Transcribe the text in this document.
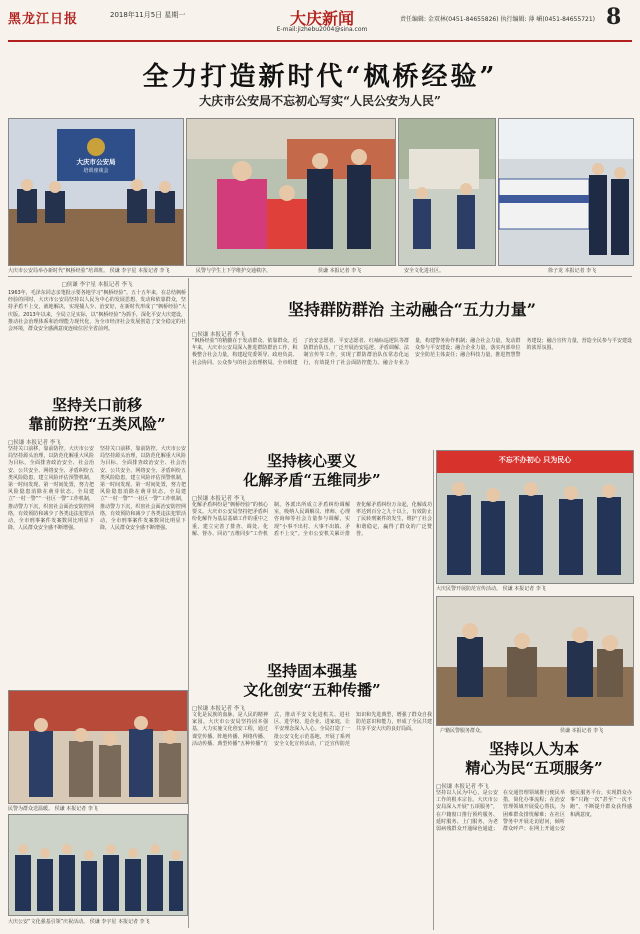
黑龙江日报	2018年11月5日 星期一	大庆新闻
E-mail:jizhebu2004@sina.com
责任编辑: 金双林(0451-84655826) 执行编辑: 薄 嵋(0451-84655721) 8
全力打造新时代“枫桥经验”
大庆市公安局不忘初心写实“人民公安为人民”
大庆市公安局
培训座谈会
大庆市公安局举办新时代“枫桥经验”培训班。 侯谦 李宇星 本报记者 李飞	民警与学生上下学维护交通秩序。	侯谦 本报记者 李飞	安全文化进社区。	徐子龙 本报记者 李飞
□侯谦 李宇星 本报记者 李飞
1963年，毛泽东同志亲笔批示要各地学习“枫桥经验”。五十五年来，在总结枫桥经验的同时，大庆市公安局坚持以人民为中心的发展思想，发动和依靠群众，坚持矛盾不上交，就地解决，实现捕人少、治安好，在新时代形成了“枫桥经验”大庆版。2013年以来，全局立足实际，以“枫桥经验”为抓手，深化平安大庆建设，推动社会治理体系和治理能力现代化，为全市经济社会发展创造了安全稳定的社会环境，群众安全感满意度连续位居全省前列。
坚持群防群治 主动融合“五力力量”
□侯谦 本报记者 李飞
“枫桥经验”的精髓在于发动群众、依靠群众。近年来，大庆市公安局深入推进群防群治工作，积极整合社会力量，构建起党委领导、政府负责、社会协同、公众参与的社会治理格局。全市组建了治安志愿者、平安志愿者、红袖标巡逻队等群防群治队伍，广泛开展治安巡逻、矛盾调解、法制宣传等工作，实现了群防群治队伍常态化运行，有效提升了社会面防控能力。融合专业力量，构建警务协作机制；融合社会力量，发动群众参与平安建设；融合企业力量，落实内部单位安全防范主体责任；融合科技力量，推进智慧警务建设；融合宣传力量，营造全民参与平安建设的浓厚氛围。
坚持关口前移
靠前防控“五类风险”
□侯谦 本报记者 李飞
坚持关口前移，靠前防控。大庆市公安局坚持源头治理，以防范化解重大风险为目标，全面排查政治安全、社会治安、公共安全、网络安全、矛盾纠纷五类风险隐患，建立风险评估预警机制，第一时间发现、第一时间处置，努力把风险隐患消除在萌芽状态。全局建立“一村一警”“一社区一警”工作机制，推动警力下沉，织密社会面治安防控网络，有效预防和减少了各类违法犯罪活动，全市刑事案件发案数同比明显下降，人民群众安全感不断增强。
坚持关口前移，靠前防控。大庆市公安局坚持源头治理，以防范化解重大风险为目标，全面排查政治安全、社会治安、公共安全、网络安全、矛盾纠纷五类风险隐患，建立风险评估预警机制，第一时间发现、第一时间处置，努力把风险隐患消除在萌芽状态。全局建立“一村一警”“一社区一警”工作机制，推动警力下沉，织密社会面治安防控网络，有效预防和减少了各类违法犯罪活动，全市刑事案件发案数同比明显下降，人民群众安全感不断增强。
坚持核心要义
化解矛盾“五维同步”
□侯谦 本报记者 李飞
化解矛盾纠纷是“枫桥经验”的核心要义。大庆市公安局坚持把矛盾纠纷化解作为基层基础工作的重中之重，建立完善了排查、调处、化解、督办、回访“五维同步”工作机制。各派出所成立矛盾纠纷调解室，吸纳人民调解员、律师、心理咨询师等社会力量参与调解，实现“小事不出村、大事不出镇、矛盾不上交”。全市公安机关累计排查化解矛盾纠纷万余起，化解成功率达到百分之九十以上，有效防止了民转刑案件的发生，维护了社会和谐稳定，赢得了群众的广泛赞誉。
不忘不办初心 只为民心
大庆民警开展防范宣传活动。 侯谦 本报记者 李飞
户籍民警服务群众。	侯谦 本报记者 李飞
民警为群众送温暖。 侯谦 本报记者 李飞
坚持固本强基
文化创安“五种传播”
□侯谦 本报记者 李飞
文化是民族的血脉，是人民的精神家园。大庆市公安局坚持固本强基，大力实施文化创安工程，通过课堂传播、阵地传播、网络传播、活动传播、典型传播“五种传播”方式，推动平安文化进机关、进社区、进学校、进企业、进家庭，让平安理念深入人心。全局打造了一批公安文化示范基地，开展了系列安全文化宣传活动，广泛宣传防范知识和先进典型，增强了群众自我防范意识和能力，形成了全民共建共享平安大庆的良好局面。
大庆公安“文化强基引领”庆祝活动。 侯谦 李宇星 本报记者 李飞
坚持以人为本
精心为民“五项服务”
□侯谦 本报记者 李飞
坚持以人民为中心，是公安工作的根本宗旨。大庆市公安局深入开展“五项服务”，在户籍窗口推行预约服务、延时服务、上门服务，为老弱病残群众开通绿色通道；在交通管理领域推行便民举措，简化办事流程；在治安管理领域开展爱心帮扶，为困难群众排忧解难；在社区警务中开展走访慰问，倾听群众呼声；在网上开通公安便民服务平台，实现群众办事“只跑一次”甚至“一次不跑”，不断提升群众获得感和满意度。
